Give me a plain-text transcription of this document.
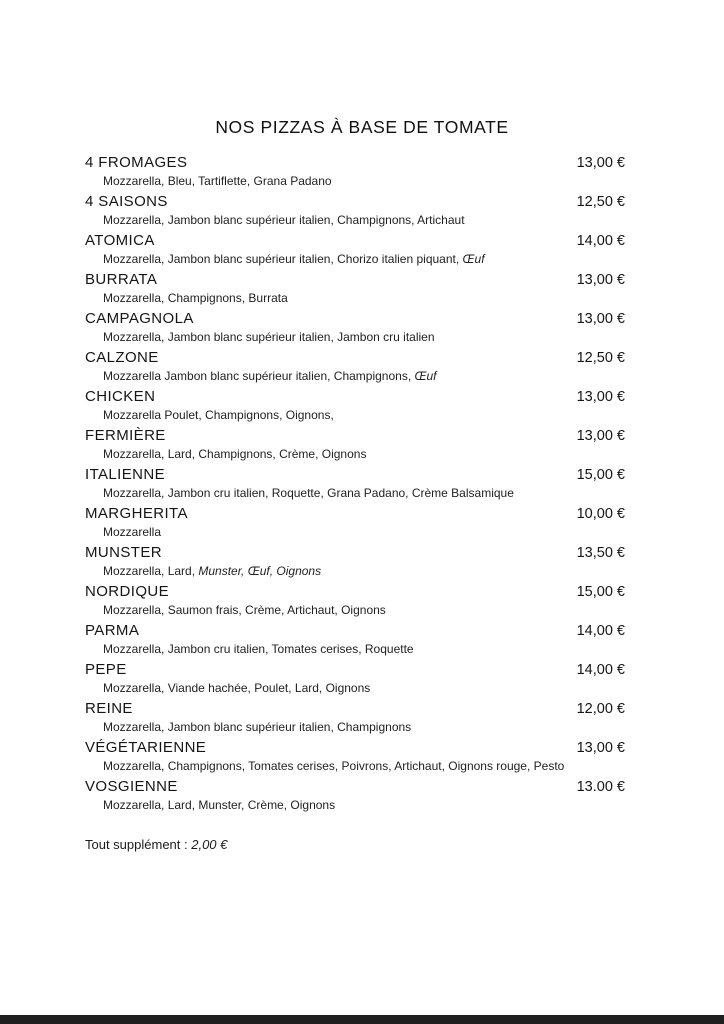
NOS PIZZAS À BASE DE TOMATE
4 FROMAGES	13,00 €
Mozzarella, Bleu, Tartiflette, Grana Padano
4 SAISONS	12,50 €
Mozzarella, Jambon blanc supérieur italien, Champignons, Artichaut
ATOMICA	14,00 €
Mozzarella, Jambon blanc supérieur italien, Chorizo italien piquant, Œuf
BURRATA	13,00 €
Mozzarella, Champignons, Burrata
CAMPAGNOLA	13,00 €
Mozzarella, Jambon blanc supérieur italien, Jambon cru italien
CALZONE	12,50 €
Mozzarella Jambon blanc supérieur italien, Champignons, Œuf
CHICKEN	13,00 €
Mozzarella Poulet, Champignons, Oignons,
FERMIÈRE	13,00 €
Mozzarella, Lard, Champignons, Crème, Oignons
ITALIENNE	15,00 €
Mozzarella, Jambon cru italien, Roquette, Grana Padano, Crème Balsamique
MARGHERITA	10,00 €
Mozzarella
MUNSTER	13,50 €
Mozzarella, Lard, Munster, Œuf, Oignons
NORDIQUE	15,00 €
Mozzarella, Saumon frais, Crème, Artichaut, Oignons
PARMA	14,00 €
Mozzarella, Jambon cru italien, Tomates cerises, Roquette
PEPE	14,00 €
Mozzarella, Viande hachée, Poulet, Lard, Oignons
REINE	12,00 €
Mozzarella, Jambon blanc supérieur italien, Champignons
VÉGÉTARIENNE	13,00 €
Mozzarella, Champignons, Tomates cerises, Poivrons, Artichaut, Oignons rouge, Pesto
VOSGIENNE	13.00 €
Mozzarella, Lard, Munster, Crème, Oignons
Tout supplément : 2,00 €
